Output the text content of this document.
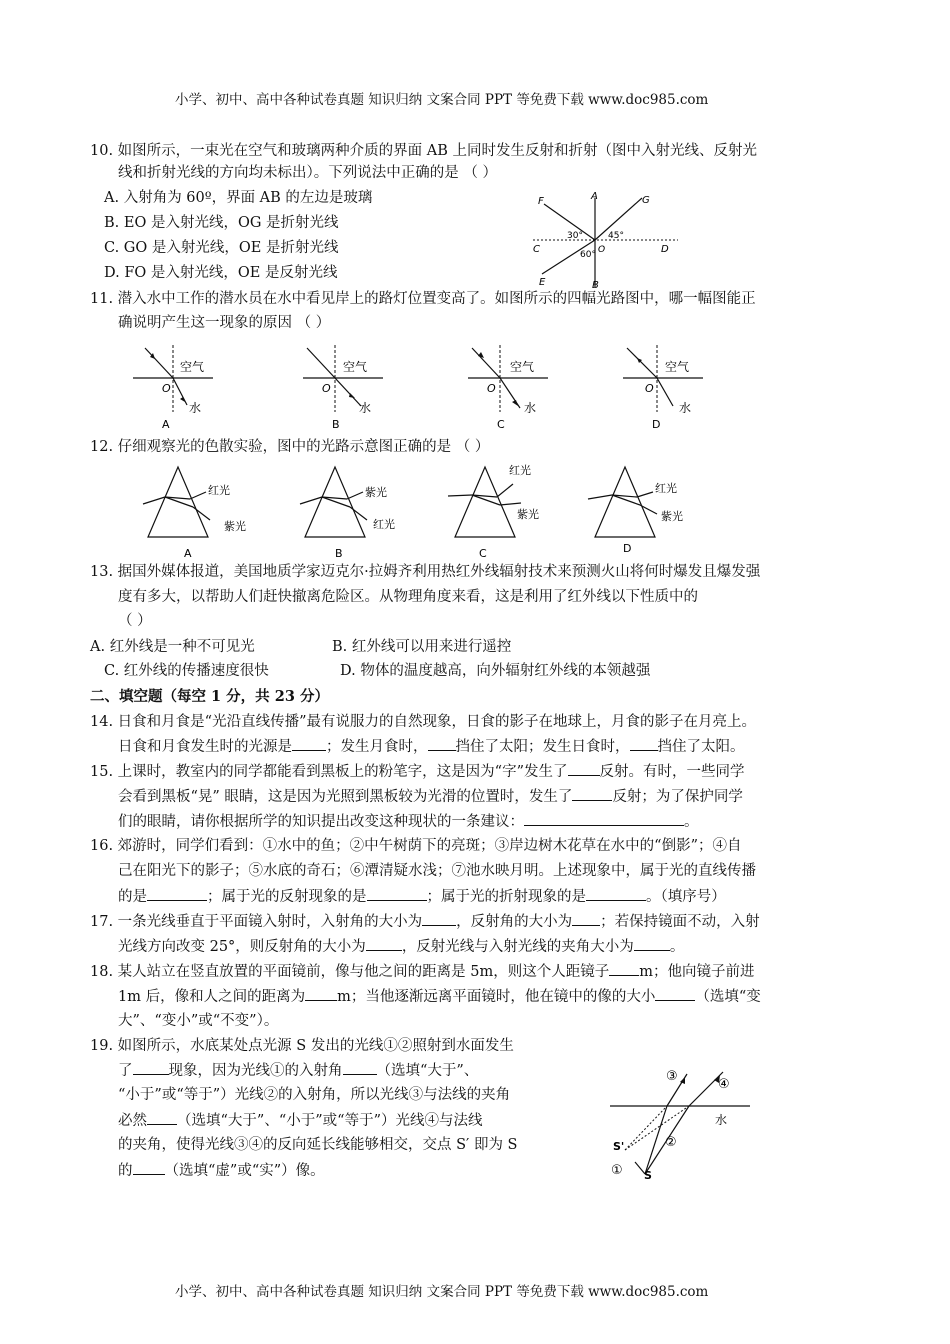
小学、初中、高中各种试卷真题 知识归纳 文案合同 PPT 等免费下载 www.doc985.com
小学、初中、高中各种试卷真题 知识归纳 文案合同 PPT 等免费下载 www.doc985.com
10. 如图所示，一束光在空气和玻璃两种介质的界面 AB 上同时发生反射和折射（图中入射光线、反射光
线和折射光线的方向均未标出）。下列说法中正确的是 （ ）
A. 入射角为 60º，界面 AB 的左边是玻璃
B. EO 是入射光线，OG 是折射光线
C. GO 是入射光线，OE 是折射光线
D. FO 是入射光线，OE 是反射光线
F	A	G
C	D
E	B
O
30°	45°
60°
11. 潜入水中工作的潜水员在水中看见岸上的路灯位置变高了。如图所示的四幅光路图中，哪一幅图能正
确说明产生这一现象的原因 （ ）
空气
O
水
A
空气
O
水
B
空气
O
水
C
空气
O
水
D
12. 仔细观察光的色散实验，图中的光路示意图正确的是 （ ）
红光
紫光
A
紫光
红光
B
红光
紫光
C
红光
紫光
D
13. 据国外媒体报道，美国地质学家迈克尔·拉姆齐利用热红外线辐射技术来预测火山将何时爆发且爆发强
度有多大，以帮助人们赶快撤离危险区。从物理角度来看，这是利用了红外线以下性质中的
（ ）
A. 红外线是一种不可见光	B. 红外线可以用来进行遥控
C. 红外线的传播速度很快	D. 物体的温度越高，向外辐射红外线的本领越强
二、填空题（每空 1 分，共 23 分）
14. 日食和月食是“光沿直线传播”最有说服力的自然现象，日食的影子在地球上，月食的影子在月亮上。
日食和月食发生时的光源是 ；发生月食时， 挡住了太阳；发生日食时， 挡住了太阳。
15. 上课时，教室内的同学都能看到黑板上的粉笔字，这是因为“字”发生了 反射。有时，一些同学
会看到黑板“晃” 眼睛，这是因为光照到黑板较为光滑的位置时，发生了	反射；为了保护同学
们的眼睛，请你根据所学的知识提出改变这种现状的一条建议：	。
16. 郊游时，同学们看到：①水中的鱼；②中午树荫下的亮斑；③岸边树木花草在水中的“倒影”；④自
己在阳光下的影子；⑤水底的奇石；⑥潭清疑水浅；⑦池水映月明。上述现象中，属于光的直线传播
的是	；属于光的反射现象的是	；属于光的折射现象的是	。（填序号）
17. 一条光线垂直于平面镜入射时，入射角的大小为 ，反射角的大小为 ；若保持镜面不动，入射
光线方向改变 25°，则反射角的大小为 ，反射光线与入射光线的夹角大小为 。
18. 某人站立在竖直放置的平面镜前，像与他之间的距离是 5m，则这个人距镜子 m；他向镜子前进
1m 后，像和人之间的距离为 m；当他逐渐远离平面镜时，他在镜中的像的大小	（选填“变
大”、“变小”或“不变”）。
19. 如图所示，水底某处点光源 S 发出的光线①②照射到水面发生
了 现象，因为光线①的入射角 （选填“大于”、
“小于”或“等于”）光线②的入射角，所以光线③与法线的夹角
必然 （选填“大于”、“小于”或“等于”）光线④与法线
的夹角，使得光线③④的反向延长线能够相交，交点 S′ 即为 S
的 （选填“虚”或“实”）像。
③
④
②
①
水
S
S'
